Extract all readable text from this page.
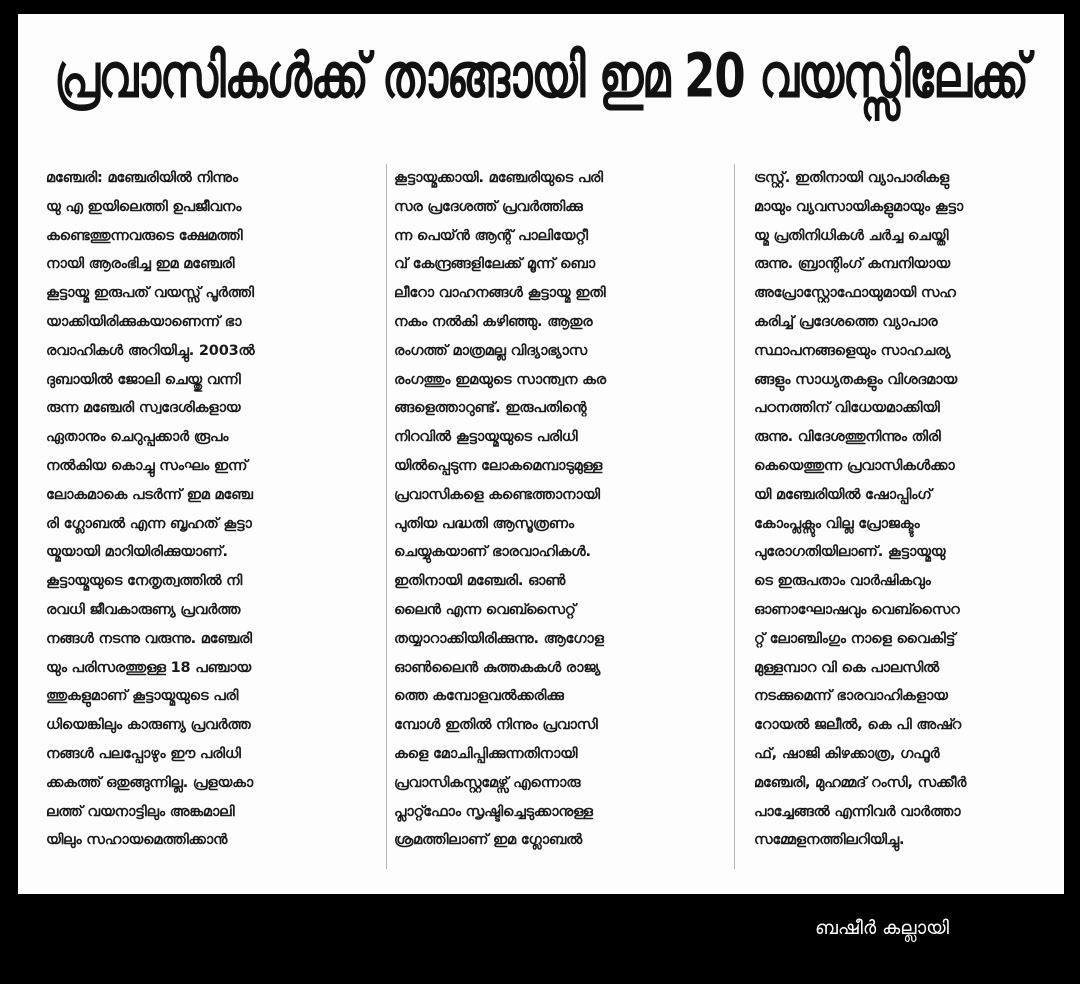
പ്രവാസികൾക്ക് താങ്ങായി ഇമ 20 വയസ്സിലേക്ക്
മഞ്ചേരി: മഞ്ചേരിയിൽ നിന്നും
യു എ ഇയിലെത്തി ഉപജീവനം
കണ്ടെത്തുന്നവരുടെ ക്ഷേമത്തി
നായി ആരംഭിച്ച ഇമ മഞ്ചേരി
കൂട്ടായ്മ ഇരുപത് വയസ്സ് പൂർത്തി
യാക്കിയിരിക്കുകയാണെന്ന് ഭാ
രവാഹികൾ അറിയിച്ചു. 2003ൽ
ദുബായിൽ ജോലി ചെയ്തു വന്നി
രുന്ന മഞ്ചേരി സ്വദേശികളായ
ഏതാനും ചെറുപ്പക്കാർ രൂപം
നൽകിയ കൊച്ചു സംഘം ഇന്ന്
ലോകമാകെ പടർന്ന് ഇമ മഞ്ചേ
രി ഗ്ലോബൽ എന്ന ബൃഹത് കൂട്ടാ
യ്മയായി മാറിയിരിക്കുയാണ്.
കൂട്ടായ്മയുടെ നേതൃത്വത്തിൽ നി
രവധി ജീവകാരുണ്യ പ്രവർത്ത
നങ്ങൾ നടന്നു വരുന്നു. മഞ്ചേരി
യും പരിസരത്തുള്ള 18 പഞ്ചായ
ത്തുകളുമാണ് കൂട്ടായ്മയുടെ പരി
ധിയെങ്കിലും കാരുണ്യ പ്രവർത്ത
നങ്ങൾ പലപ്പോഴും ഈ പരിധി
ക്കകത്ത് ഒതുങ്ങുന്നില്ല. പ്രളയകാ
ലത്ത് വയനാട്ടിലും അങ്കമാലി
യിലും സഹായമെത്തിക്കാൻ
കൂട്ടായ്മക്കായി. മഞ്ചേരിയുടെ പരി
സര പ്രദേശത്ത് പ്രവർത്തിക്കു
ന്ന പെയ്ൻ ആന്റ് പാലിയേറ്റീ
വ് കേന്ദ്രങ്ങളിലേക്ക് മൂന്ന് ബൊ
ലീറോ വാഹനങ്ങൾ കൂട്ടായ്മ ഇതി
നകം നൽകി കഴിഞ്ഞു. ആതുര
രംഗത്ത് മാത്രമല്ല വിദ്യാഭ്യാസ
രംഗത്തും ഇമയുടെ സാന്ത്വന കര
ങ്ങളെത്താറുണ്ട്. ഇരുപതിന്റെ
നിറവിൽ കൂട്ടായ്മയുടെ പരിധി
യിൽപ്പെടുന്ന ലോകമെമ്പാടുമുള്ള
പ്രവാസികളെ കണ്ടെത്താനായി
പുതിയ പദ്ധതി ആസൂത്രണം
ചെയ്യുകയാണ് ഭാരവാഹികൾ.
ഇതിനായി മഞ്ചേരി. ഓൺ
ലൈൻ എന്ന വെബ്സൈറ്റ്
തയ്യാറാക്കിയിരിക്കുന്നു. ആഗോള
ഓൺലൈൻ കുത്തകകൾ രാജ്യ
ത്തെ കമ്പോളവൽക്കരിക്കു
മ്പോൾ ഇതിൽ നിന്നും പ്രവാസി
കളെ മോചിപ്പിക്കുന്നതിനായി
പ്രവാസികസ്റ്റമേഴ്സ് എന്നൊരു
പ്ലാറ്റ്ഫോം സൃഷ്ടിച്ചെടുക്കാനുള്ള
ശ്രമത്തിലാണ് ഇമ ഗ്ലോബൽ
ട്രസ്റ്റ്. ഇതിനായി വ്യാപാരികളു
മായും വ്യവസായികളുമായും കൂട്ടാ
യ്മ പ്രതിനിധികൾ ചർച്ച ചെയ്തി
രുന്നു. ബ്രാന്റിംഗ് കമ്പനിയായ
അപ്രോസ്റ്റോഫോയുമായി സഹ
കരിച്ച് പ്രദേശത്തെ വ്യാപാര
സ്ഥാപനങ്ങളെയും സാഹചര്യ
ങ്ങളും സാധ്യതകളും വിശദമായ
പഠനത്തിന് വിധേയമാക്കിയി
രുന്നു. വിദേശത്തുനിന്നും തിരി
കെയെത്തുന്ന പ്രവാസികൾക്കാ
യി മഞ്ചേരിയിൽ ഷോപ്പിംഗ്
കോംപ്ലക്സും വില്ല പ്രോജക്ടും
പുരോഗതിയിലാണ്. കൂട്ടായ്മയു
ടെ ഇരുപതാം വാർഷികവും
ഓണാഘോഷവും വെബ്സൈറ
റ്റ് ലോഞ്ചിംഗും നാളെ വൈകിട്ട്
മുള്ളമ്പാറ വി കെ പാലസിൽ
നടക്കുമെന്ന് ഭാരവാഹികളായ
റോയൽ ജലീൽ, കെ പി അഷ്റ
ഫ്, ഷാജി കിഴക്കാത്ര, ഗഫൂർ
മഞ്ചേരി, മുഹമ്മദ് റംസി, സക്കീർ
പാച്ചേങ്ങൽ എന്നിവർ വാർത്താ
സമ്മേളനത്തിലറിയിച്ചു.
ബഷീർ കല്ലായി
